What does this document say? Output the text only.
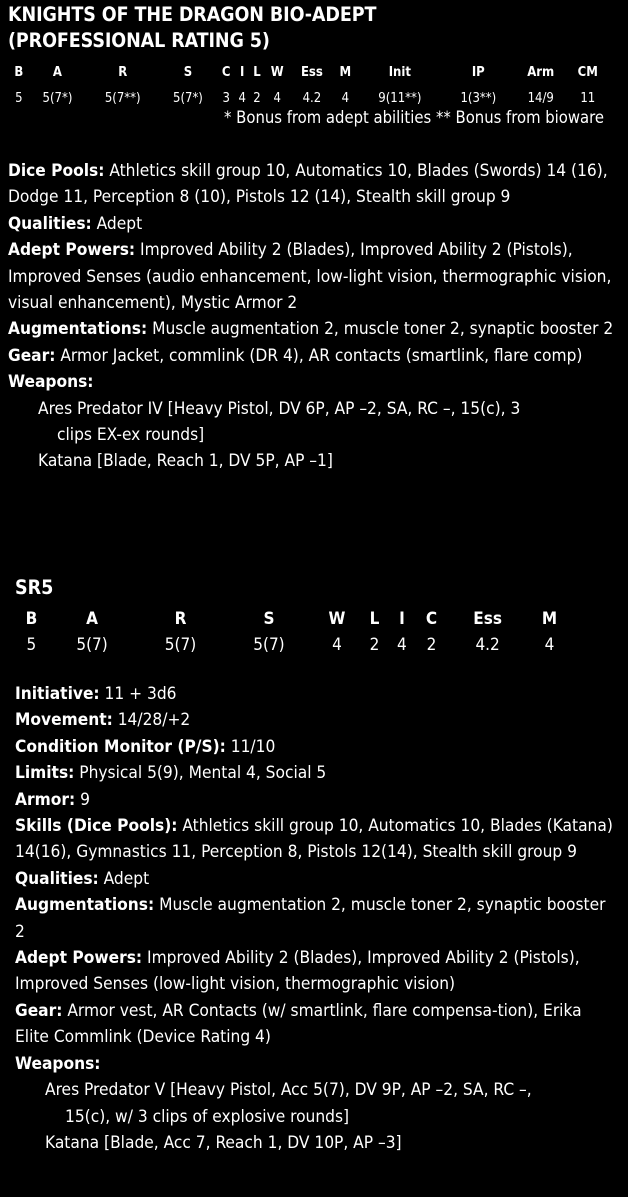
KNIGHTS OF THE DRAGON BIO-ADEPT
(PROFESSIONAL RATING 5)
B	A	R	S	C	I	L	W	Ess	M	Init	IP	Arm	CM
5	5(7*)	5(7**)	5(7*)	3	4	2	4	4.2	4	9(11**)	1(3**)	14/9	11
* Bonus from adept abilities ** Bonus from bioware

Dice Pools: Athletics skill group 10, Automatics 10, Blades (Swords) 14 (16), Dodge 11, Perception 8 (10), Pistols 12 (14), Stealth skill group 9

Qualities: Adept

Adept Powers: Improved Ability 2 (Blades), Improved Ability 2 (Pistols), Improved Senses (audio enhancement, low-light vision, thermographic vision, visual enhancement), Mystic Armor 2

Augmentations: Muscle augmentation 2, muscle toner 2, synaptic booster 2

Gear: Armor Jacket, commlink (DR 4), AR contacts (smartlink, flare comp)

Weapons:

Ares Predator IV [Heavy Pistol, DV 6P, AP –2, SA, RC –, 15(c), 3
clips EX-ex rounds]

Katana [Blade, Reach 1, DV 5P, AP –1]

SR5
B	A	R	S	W	L	I	C	Ess	M
5	5(7)	5(7)	5(7)	4	2	4	2	4.2	4

Initiative: 11 + 3d6

Movement: 14/28/+2

Condition Monitor (P/S): 11/10

Limits: Physical 5(9), Mental 4, Social 5

Armor: 9

Skills (Dice Pools): Athletics skill group 10, Automatics 10, Blades (Katana) 14(16), Gymnastics 11, Perception 8, Pistols 12(14), Stealth skill group 9

Qualities: Adept

Augmentations: Muscle augmentation 2, muscle toner 2, synaptic booster 2

Adept Powers: Improved Ability 2 (Blades), Improved Ability 2 (Pistols), Improved Senses (low-light vision, thermographic vision)

Gear: Armor vest, AR Contacts (w/ smartlink, flare compensa-tion), Erika Elite Commlink (Device Rating 4)

Weapons:

Ares Predator V [Heavy Pistol, Acc 5(7), DV 9P, AP –2, SA, RC –,
15(c), w/ 3 clips of explosive rounds]

Katana [Blade, Acc 7, Reach 1, DV 10P, AP –3]
